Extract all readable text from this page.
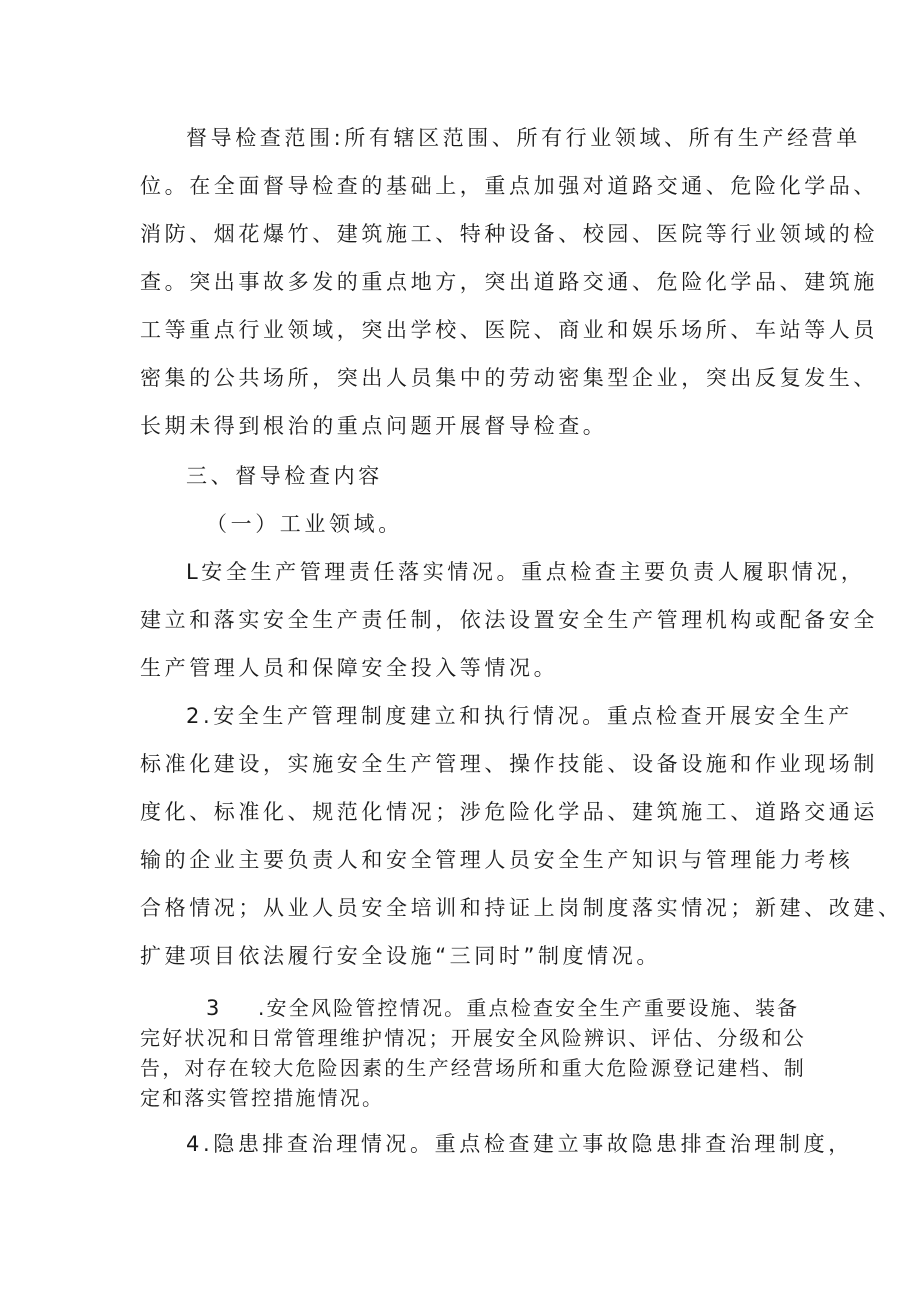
督导检查范围:所有辖区范围、所有行业领域、所有生产经营单
位。在全面督导检查的基础上，重点加强对道路交通、危险化学品、
消防、烟花爆竹、建筑施工、特种设备、校园、医院等行业领域的检
查。突出事故多发的重点地方，突出道路交通、危险化学品、建筑施
工等重点行业领域，突出学校、医院、商业和娱乐场所、车站等人员
密集的公共场所，突出人员集中的劳动密集型企业，突出反复发生、
长期未得到根治的重点问题开展督导检查。
三、督导检查内容
（一）工业领域。
L安全生产管理责任落实情况。重点检查主要负责人履职情况，
建立和落实安全生产责任制，依法设置安全生产管理机构或配备安全
生产管理人员和保障安全投入等情况。
2.安全生产管理制度建立和执行情况。重点检查开展安全生产
标准化建设，实施安全生产管理、操作技能、设备设施和作业现场制
度化、标准化、规范化情况；涉危险化学品、建筑施工、道路交通运
输的企业主要负责人和安全管理人员安全生产知识与管理能力考核
合格情况；从业人员安全培训和持证上岗制度落实情况；新建、改建、
扩建项目依法履行安全设施“三同时”制度情况。
3	.安全风险管控情况。重点检查安全生产重要设施、装备
完好状况和日常管理维护情况；开展安全风险辨识、评估、分级和公
告，对存在较大危险因素的生产经营场所和重大危险源登记建档、制
定和落实管控措施情况。
4.隐患排查治理情况。重点检查建立事故隐患排查治理制度，
